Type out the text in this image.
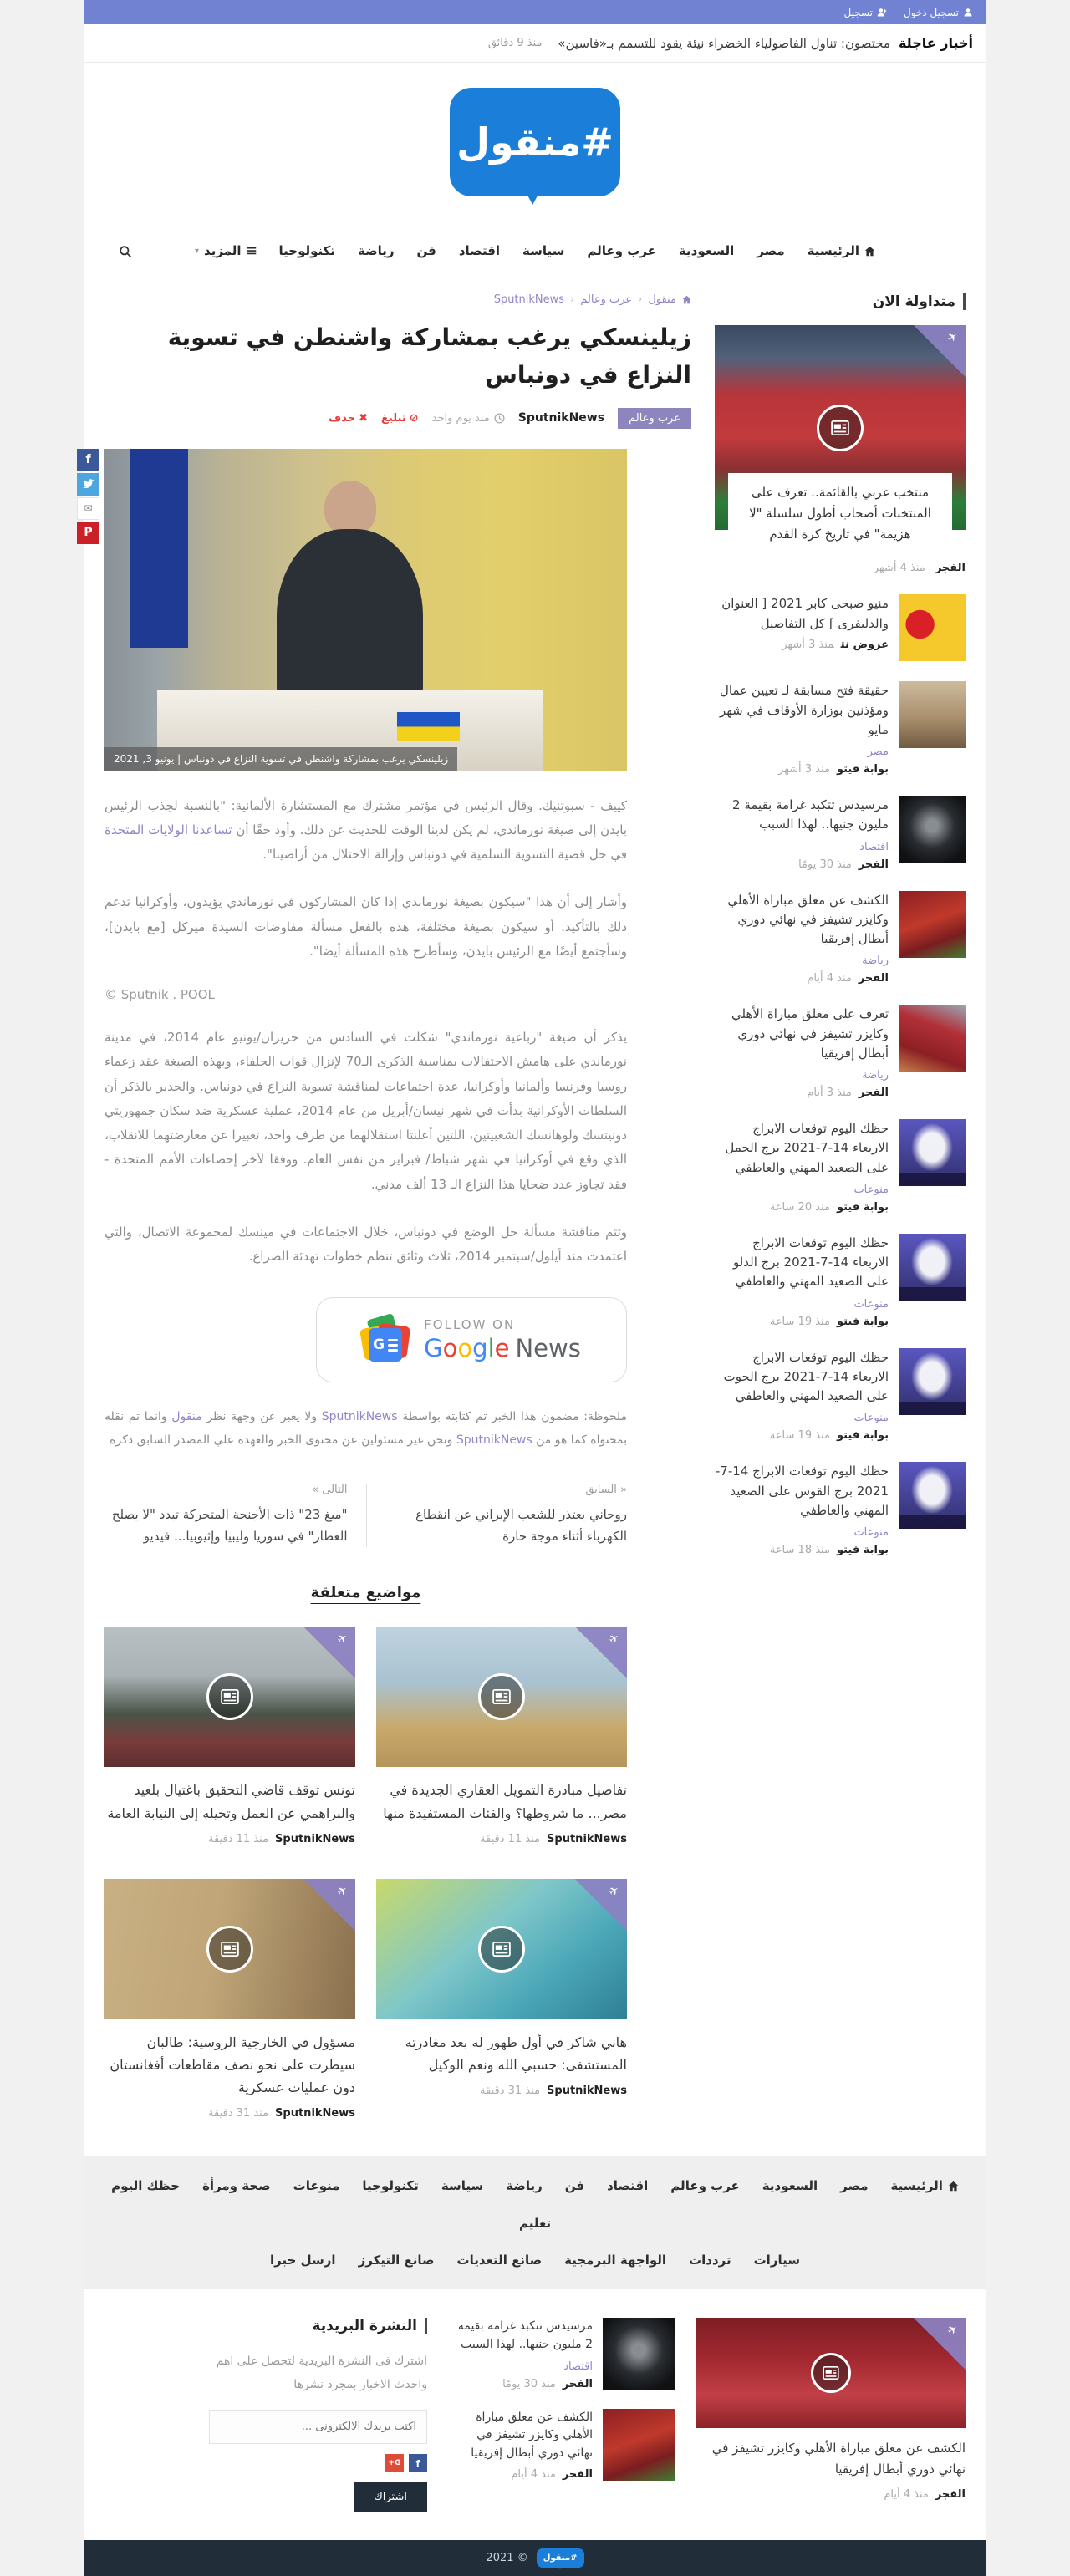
تسجيل دخول
تسجيل
أخبار عاجلة
مختصون: تناول الفاصولياء الخضراء نيئة يقود للتسمم بـ«فاسين»
- منذ 9 دقائق
#منقول
الرئيسية
مصر
السعودية
عرب وعالم
سياسة
اقتصاد
فن
رياضة
تكنولوجيا
المزيد
▾
متداولة الان
✈
منتخب عربي بالقائمة.. تعرف على المنتخبات أصحاب أطول سلسلة "لا هزيمة" في تاريخ كرة القدم
الفجر منذ 4 أشهر
منيو صبحى كابر 2021 [ العنوان والدليفرى ] كل التفاصيل
عروض نتمنذ 3 أشهر
حقيقة فتح مسابقة لـ تعيين عمال ومؤذنين بوزارة الأوقاف في شهر مايو
مصر
بوابة فيتومنذ 3 أشهر
مرسيدس تتكبد غرامة بقيمة 2 مليون جنيها.. لهذا السبب
اقتصاد
الفجرمنذ 30 يومًا
الكشف عن معلق مباراة الأهلي وكايزر تشيفز في نهائي دوري أبطال إفريقيا
رياضة
الفجرمنذ 4 أيام
تعرف على معلق مباراة الأهلي وكايزر تشيفز في نهائي دوري أبطال إفريقيا
رياضة
الفجرمنذ 3 أيام
حظك اليوم توقعات الابراج الاربعاء 14-7-2021 برج الحمل على الصعيد المهني والعاطفي
منوعات
بوابة فيتومنذ 20 ساعة
حظك اليوم توقعات الابراج الاربعاء 14-7-2021 برج الدلو على الصعيد المهني والعاطفي
منوعات
بوابة فيتومنذ 19 ساعة
حظك اليوم توقعات الابراج الاربعاء 14-7-2021 برج الحوت على الصعيد المهني والعاطفي
منوعات
بوابة فيتومنذ 19 ساعة
حظك اليوم توقعات الابراج 14-7-2021 برج القوس على الصعيد المهني والعاطفي
منوعات
بوابة فيتومنذ 18 ساعة
منقول
‹
عرب وعالم
‹
SputnikNews
زيلينسكي يرغب بمشاركة واشنطن في تسوية النزاع في دونباس
عرب وعالم
SputnikNews
منذ يوم واحد
⊘
تبليغ
✖
حذف
زيلينسكي يرغب بمشاركة واشنطن في تسوية النزاع في دونباس | يونيو 3, 2021
f
✉
P

كييف - سبوتنيك. وقال الرئيس في مؤتمر مشترك مع المستشارة الألمانية: "بالنسبة لجذب الرئيس بايدن إلى صيغة نورماندي، لم يكن لدينا الوقت للحديث عن ذلك. وأود حقًا أن تساعدنا الولايات المتحدة في حل قضية التسوية السلمية في دونباس وإزالة الاحتلال من أراضينا".

وأشار إلى أن هذا "سيكون بصيغة نورماندي إذا كان المشاركون في نورماندي يؤيدون، وأوكرانيا تدعم ذلك بالتأكيد. أو سيكون بصيغة مختلفة، هذه بالفعل مسألة مفاوضات السيدة ميركل [مع بايدن]، وسأجتمع أيضًا مع الرئيس بايدن، وسأطرح هذه المسألة أيضا".

© Sputnik . POOL

يذكر أن صيغة "رباعية نورماندي" شكلت في السادس من حزيران/يونيو عام 2014، في مدينة نورماندي على هامش الاحتفالات بمناسبة الذكرى الـ70 لإنزال قوات الحلفاء، وبهذه الصيغة عقد زعماء روسيا وفرنسا وألمانيا وأوكرانيا، عدة اجتماعات لمناقشة تسوية النزاع في دونباس. والجدير بالذكر أن السلطات الأوكرانية بدأت في شهر نيسان/أبريل من عام 2014، عملية عسكرية ضد سكان جمهوريتي دونيتسك ولوهانسك الشعبيتين، اللتين أعلنتا استقلالهما من طرف واحد، تعبيرا عن معارضتهما للانقلاب، الذي وقع في أوكرانيا في شهر شباط/ فبراير من نفس العام. ووفقا لآخر إحصاءات الأمم المتحدة - فقد تجاوز عدد ضحايا هذا النزاع الـ 13 ألف مدني.

وتتم مناقشة مسألة حل الوضع في دونباس، خلال الاجتماعات في مينسك لمجموعة الاتصال، والتي اعتمدت منذ أيلول/سبتمبر 2014، ثلاث وثائق تنظم خطوات تهدئة الصراع.

G
FOLLOW ON
Google News

ملحوظة: مضمون هذا الخبر تم كتابته بواسطة SputnikNews ولا يعبر عن وجهة نظر منقول وانما تم نقله بمحتواه كما هو من SputnikNews ونحن غير مسئولين عن محتوى الخبر والعهدة علي المصدر السابق ذكرة

« السابق
روحاني يعتذر للشعب الإيراني عن انقطاع الكهرباء أثناء موجة حارة
التالى »
"ميغ 23" ذات الأجنحة المتحركة تبدد "لا يصلح العطار" في سوريا وليبيا وإثيوبيا... فيديو
مواضيع متعلقة
✈
تفاصيل مبادرة التمويل العقاري الجديدة في مصر... ما شروطها؟ والفئات المستفيدة منها
SputnikNewsمنذ 11 دقيقة
✈
تونس توقف قاضي التحقيق باغتيال بلعيد والبراهمي عن العمل وتحيله إلى النيابة العامة
SputnikNewsمنذ 11 دقيقة
✈
هاني شاكر في أول ظهور له بعد مغادرته المستشفى: حسبي الله ونعم الوكيل
SputnikNewsمنذ 31 دقيقة
✈
مسؤول في الخارجية الروسية: طالبان سيطرت على نحو نصف مقاطعات أفغانستان دون عمليات عسكرية
SputnikNewsمنذ 31 دقيقة
الرئيسية
مصر
السعودية
عرب وعالم
اقتصاد
فن
رياضة
سياسة
تكنولوجيا
منوعات
صحة ومرأة
حظك اليوم
تعليم
سيارات
ترددات
الواجهة البرمجية
صانع التغذيات
صانع التيكرز
ارسل خبرا
✈
الكشف عن معلق مباراة الأهلي وكايزر تشيفز في نهائي دوري أبطال إفريقيا
الفجرمنذ 4 أيام
مرسيدس تتكبد غرامة بقيمة 2 مليون جنيها.. لهذا السبب
اقتصاد
الفجرمنذ 30 يومًا
الكشف عن معلق مباراة الأهلي وكايزر تشيفز في نهائي دوري أبطال إفريقيا
الفجرمنذ 4 أيام
النشرة البريدية
اشترك فى النشرة البريدية لتحصل على اهم واحدث الاخبار بمجرد نشرها
اكتب بريدك الالكترونى ...
f
G+
اشتراك
#منقول
© 2021
